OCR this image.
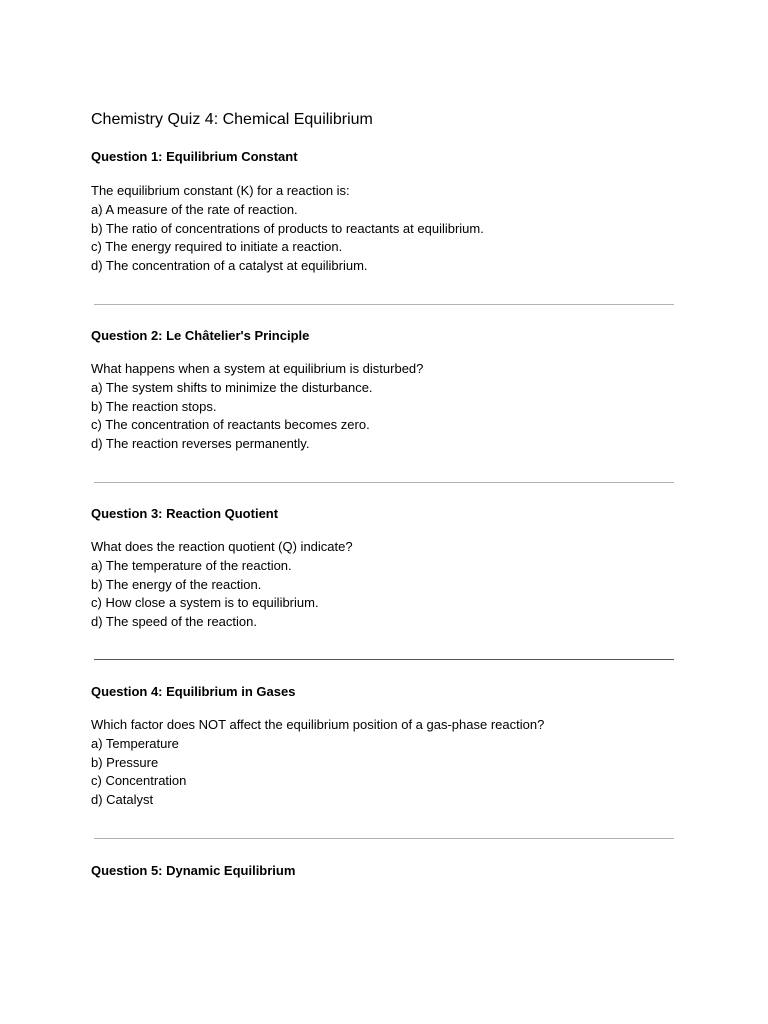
Chemistry Quiz 4: Chemical Equilibrium
Question 1: Equilibrium Constant
The equilibrium constant (K) for a reaction is:
a) A measure of the rate of reaction.
b) The ratio of concentrations of products to reactants at equilibrium.
c) The energy required to initiate a reaction.
d) The concentration of a catalyst at equilibrium.
Question 2: Le Châtelier's Principle
What happens when a system at equilibrium is disturbed?
a) The system shifts to minimize the disturbance.
b) The reaction stops.
c) The concentration of reactants becomes zero.
d) The reaction reverses permanently.
Question 3: Reaction Quotient
What does the reaction quotient (Q) indicate?
a) The temperature of the reaction.
b) The energy of the reaction.
c) How close a system is to equilibrium.
d) The speed of the reaction.
Question 4: Equilibrium in Gases
Which factor does NOT affect the equilibrium position of a gas-phase reaction?
a) Temperature
b) Pressure
c) Concentration
d) Catalyst
Question 5: Dynamic Equilibrium
